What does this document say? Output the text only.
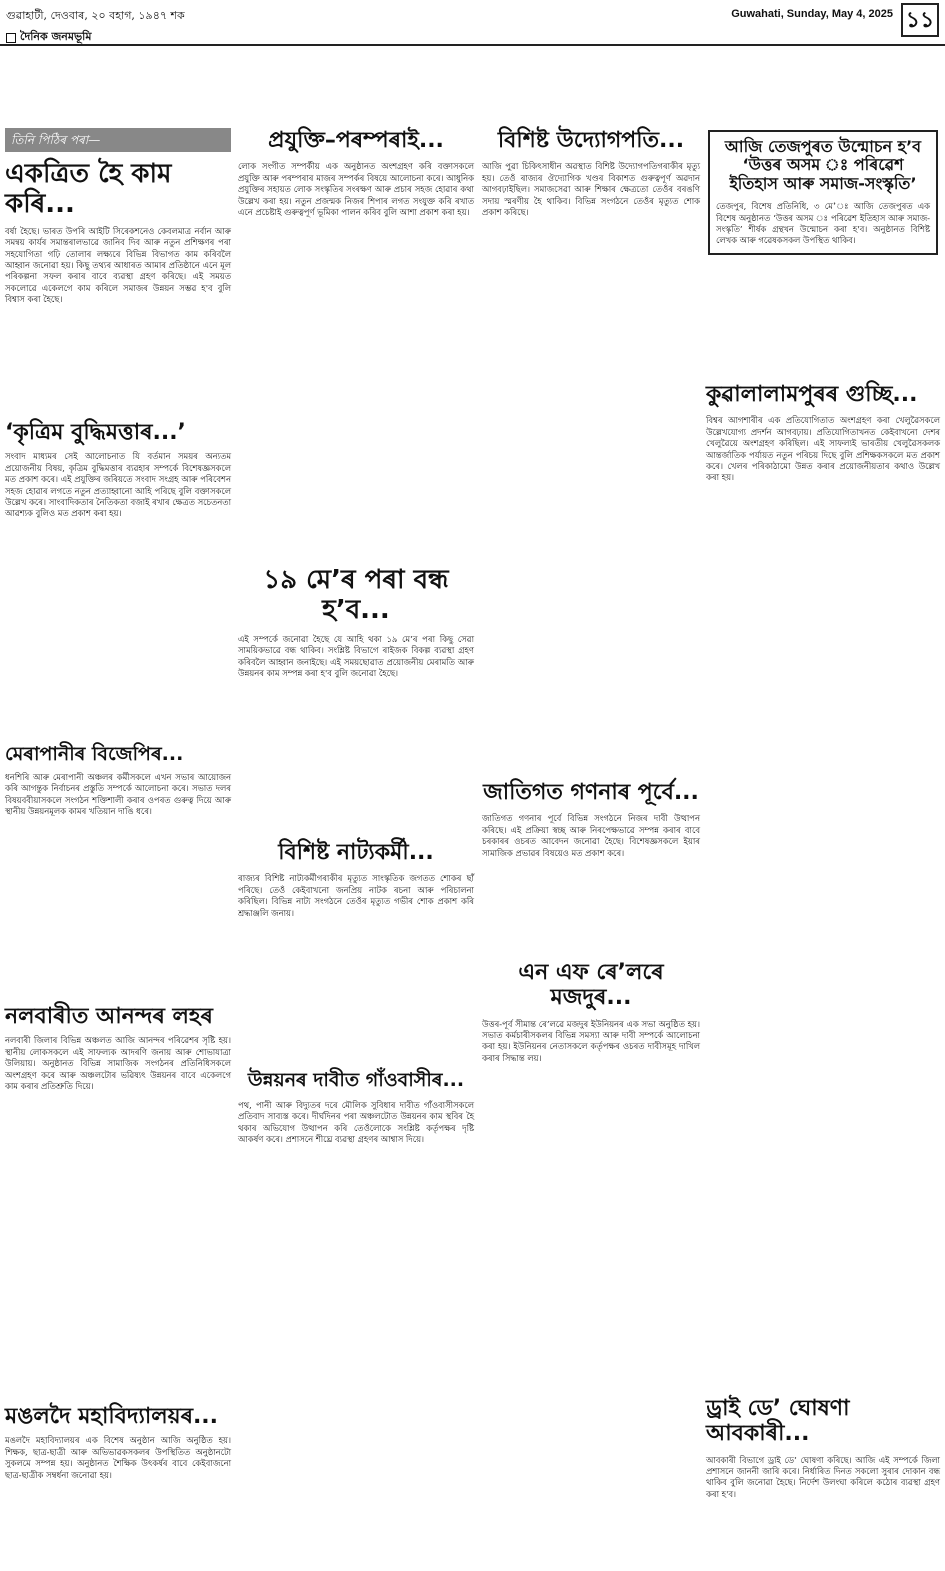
গুৱাহাটী, দেওবাৰ, ২০ বহাগ, ১৯৪৭ শক	Guwahati, Sunday, May 4, 2025 ১১
দৈনিক জনমভূমি
তিনি পিঠিৰ পৰা—
একত্ৰিত হৈ কাম কৰি...
বৰ্ষা হৈছে। ভাৰত উপৰি আইটি সিৰেকশনেও কেবলমাত্ৰ নৰ্বান আৰু সমন্বয় কাৰ্যৰ সমান্তৰালভাৱে জানিব দিব আৰু নতুন প্ৰশিক্ষণৰ পৰা সহযোগিতা গঢ়ি তোলাৰ লক্ষ্যৰে বিভিন্ন বিভাগত কাম কৰিবলৈ আহ্বান জনোৱা হয়। কিছু তথ্যৰ আধাৰত আমাৰ প্ৰতিষ্ঠানে এনে মূল পৰিকল্পনা সফল কৰাৰ বাবে ব্যৱস্থা গ্ৰহণ কৰিছে। এই সময়ত সকলোৱে একেলগে কাম কৰিলে সমাজৰ উন্নয়ন সম্ভৱ হ'ব বুলি বিশ্বাস কৰা হৈছে।
‘কৃত্ৰিম বুদ্ধিমত্তাৰ...’
সংবাদ মাধ্যমৰ সেই আলোচনাত যি বৰ্তমান সময়ৰ অন্যতম প্ৰয়োজনীয় বিষয়, কৃত্ৰিম বুদ্ধিমত্তাৰ ব্যৱহাৰ সম্পৰ্কে বিশেষজ্ঞসকলে মত প্ৰকাশ কৰে। এই প্ৰযুক্তিৰ জৰিয়তে সংবাদ সংগ্ৰহ আৰু পৰিবেশন সহজ হোৱাৰ লগতে নতুন প্ৰত্যাহ্বানো আহি পৰিছে বুলি বক্তাসকলে উল্লেখ কৰে। সাংবাদিকতাৰ নৈতিকতা বজাই ৰখাৰ ক্ষেত্ৰত সচেতনতা আৱশ্যক বুলিও মত প্ৰকাশ কৰা হয়।
মেৰাপানীৰ বিজেপিৰ...
ধনশিৰি আৰু মেৰাপানী অঞ্চলৰ কৰ্মীসকলে এখন সভাৰ আয়োজন কৰি আগন্তুক নিৰ্বাচনৰ প্ৰস্তুতি সম্পৰ্কে আলোচনা কৰে। সভাত দলৰ বিষয়ববীয়াসকলে সংগঠন শক্তিশালী কৰাৰ ওপৰত গুৰুত্ব দিয়ে আৰু স্থানীয় উন্নয়নমূলক কামৰ খতিয়ান দাঙি ধৰে।
নলবাৰীত আনন্দৰ লহৰ
নলবাৰী জিলাৰ বিভিন্ন অঞ্চলত আজি আনন্দৰ পৰিৱেশৰ সৃষ্টি হয়। স্থানীয় লোকসকলে এই সাফল্যক আদৰণি জনায় আৰু শোভাযাত্ৰা উলিয়ায়। অনুষ্ঠানত বিভিন্ন সামাজিক সংগঠনৰ প্ৰতিনিধিসকলে অংশগ্ৰহণ কৰে আৰু অঞ্চলটোৰ ভৱিষ্যৎ উন্নয়নৰ বাবে একেলগে কাম কৰাৰ প্ৰতিশ্ৰুতি দিয়ে।
মঙলদৈ মহাবিদ্যালয়ৰ...
মঙলদৈ মহাবিদ্যালয়ৰ এক বিশেষ অনুষ্ঠান আজি অনুষ্ঠিত হয়। শিক্ষক, ছাত্ৰ-ছাত্ৰী আৰু অভিভাৱকসকলৰ উপস্থিতিত অনুষ্ঠানটো সুকলমে সম্পন্ন হয়। অনুষ্ঠানত শৈক্ষিক উৎকৰ্ষৰ বাবে কেইবাজনো ছাত্ৰ-ছাত্ৰীক সম্বৰ্ধনা জনোৱা হয়।
প্ৰযুক্তি–পৰম্পৰাই...
লোক সংগীত সম্পৰ্কীয় এক অনুষ্ঠানত অংশগ্ৰহণ কৰি বক্তাসকলে প্ৰযুক্তি আৰু পৰম্পৰাৰ মাজৰ সম্পৰ্কৰ বিষয়ে আলোচনা কৰে। আধুনিক প্ৰযুক্তিৰ সহায়ত লোক সংস্কৃতিৰ সংৰক্ষণ আৰু প্ৰচাৰ সহজ হোৱাৰ কথা উল্লেখ কৰা হয়। নতুন প্ৰজন্মক নিজৰ শিপাৰ লগত সংযুক্ত কৰি ৰখাত এনে প্ৰচেষ্টাই গুৰুত্বপূৰ্ণ ভূমিকা পালন কৰিব বুলি আশা প্ৰকাশ কৰা হয়।
১৯ মে’ৰ পৰা বন্ধ হ’ব...
এই সম্পৰ্কে জনোৱা হৈছে যে আহি থকা ১৯ মে’ৰ পৰা কিছু সেৱা সাময়িকভাৱে বন্ধ থাকিব। সংশ্লিষ্ট বিভাগে ৰাইজক বিকল্প ব্যৱস্থা গ্ৰহণ কৰিবলৈ আহ্বান জনাইছে। এই সময়ছোৱাত প্ৰয়োজনীয় মেৰামতি আৰু উন্নয়নৰ কাম সম্পন্ন কৰা হ'ব বুলি জনোৱা হৈছে।
বিশিষ্ট নাট্যকৰ্মী...
ৰাজ্যৰ বিশিষ্ট নাট্যকৰ্মীগৰাকীৰ মৃত্যুত সাংস্কৃতিক জগতত শোকৰ ছাঁ পৰিছে। তেওঁ কেইবাখনো জনপ্ৰিয় নাটক ৰচনা আৰু পৰিচালনা কৰিছিল। বিভিন্ন নাট্য সংগঠনে তেওঁৰ মৃত্যুত গভীৰ শোক প্ৰকাশ কৰি শ্ৰদ্ধাঞ্জলি জনায়।
উন্নয়নৰ দাবীত গাঁওবাসীৰ...
পথ, পানী আৰু বিদ্যুতৰ দৰে মৌলিক সুবিধাৰ দাবীত গাঁওবাসীসকলে প্ৰতিবাদ সাব্যস্ত কৰে। দীৰ্ঘদিনৰ পৰা অঞ্চলটোত উন্নয়নৰ কাম স্থবিৰ হৈ থকাৰ অভিযোগ উত্থাপন কৰি তেওঁলোকে সংশ্লিষ্ট কৰ্তৃপক্ষৰ দৃষ্টি আকৰ্ষণ কৰে। প্ৰশাসনে শীঘ্ৰে ব্যৱস্থা গ্ৰহণৰ আশ্বাস দিয়ে।
বিশিষ্ট উদ্যোগপতি...
আজি পুৱা চিকিৎসাধীন অৱস্থাত বিশিষ্ট উদ্যোগপতিগৰাকীৰ মৃত্যু হয়। তেওঁ ৰাজ্যৰ ঔদ্যোগিক খণ্ডৰ বিকাশত গুৰুত্বপূৰ্ণ অৱদান আগবঢ়াইছিল। সমাজসেৱা আৰু শিক্ষাৰ ক্ষেত্ৰতো তেওঁৰ বৰঙণি সদায় স্মৰণীয় হৈ থাকিব। বিভিন্ন সংগঠনে তেওঁৰ মৃত্যুত শোক প্ৰকাশ কৰিছে।
জাতিগত গণনাৰ পূৰ্বে...
জাতিগত গণনাৰ পূৰ্বে বিভিন্ন সংগঠনে নিজৰ দাবী উত্থাপন কৰিছে। এই প্ৰক্ৰিয়া স্বচ্ছ আৰু নিৰপেক্ষভাৱে সম্পন্ন কৰাৰ বাবে চৰকাৰৰ ওচৰত আবেদন জনোৱা হৈছে। বিশেষজ্ঞসকলে ইয়াৰ সামাজিক প্ৰভাৱৰ বিষয়েও মত প্ৰকাশ কৰে।
এন এফ ৰে’লৰে মজদুৰ...
উত্তৰ-পূৰ্ব সীমান্ত ৰে’লৱে মজদুৰ ইউনিয়নৰ এক সভা অনুষ্ঠিত হয়। সভাত কৰ্মচাৰীসকলৰ বিভিন্ন সমস্যা আৰু দাবী সম্পৰ্কে আলোচনা কৰা হয়। ইউনিয়নৰ নেতাসকলে কৰ্তৃপক্ষৰ ওচৰত দাবীসমূহ দাখিল কৰাৰ সিদ্ধান্ত লয়।
আজি তেজপুৰত উন্মোচন হ’ব ‘উত্তৰ অসম ঃ পৰিৱেশ ইতিহাস আৰু সমাজ-সংস্কৃতি’
তেজপুৰ, বিশেষ প্ৰতিনিধি, ৩ মে’ঃ আজি তেজপুৰত এক বিশেষ অনুষ্ঠানত ‘উত্তৰ অসম ঃ পৰিৱেশ ইতিহাস আৰু সমাজ-সংস্কৃতি’ শীৰ্ষক গ্ৰন্থখন উন্মোচন কৰা হ'ব। অনুষ্ঠানত বিশিষ্ট লেখক আৰু গৱেষকসকল উপস্থিত থাকিব।
কুৱালালামপুৰৰ গুচ্ছি...
বিশ্বৰ আগশাৰীৰ এক প্ৰতিযোগিতাত অংশগ্ৰহণ কৰা খেলুৱৈসকলে উল্লেখযোগ্য প্ৰদৰ্শন আগবঢ়ায়। প্ৰতিযোগিতাখনত কেইবাখনো দেশৰ খেলুৱৈয়ে অংশগ্ৰহণ কৰিছিল। এই সাফল্যই ভাৰতীয় খেলুৱৈসকলক আন্তৰ্জাতিক পৰ্যায়ত নতুন পৰিচয় দিছে বুলি প্ৰশিক্ষকসকলে মত প্ৰকাশ কৰে। খেলৰ পৰিকাঠামো উন্নত কৰাৰ প্ৰয়োজনীয়তাৰ কথাও উল্লেখ কৰা হয়।
ড্ৰাই ডে’ ঘোষণা আবকাৰী...
আবকাৰী বিভাগে ড্ৰাই ডে’ ঘোষণা কৰিছে। আজি এই সম্পৰ্কে জিলা প্ৰশাসনে জাননী জাৰি কৰে। নিৰ্ধাৰিত দিনত সকলো সুৰাৰ দোকান বন্ধ থাকিব বুলি জনোৱা হৈছে। নিৰ্দেশ উলংঘা কৰিলে কঠোৰ ব্যৱস্থা গ্ৰহণ কৰা হ'ব।
